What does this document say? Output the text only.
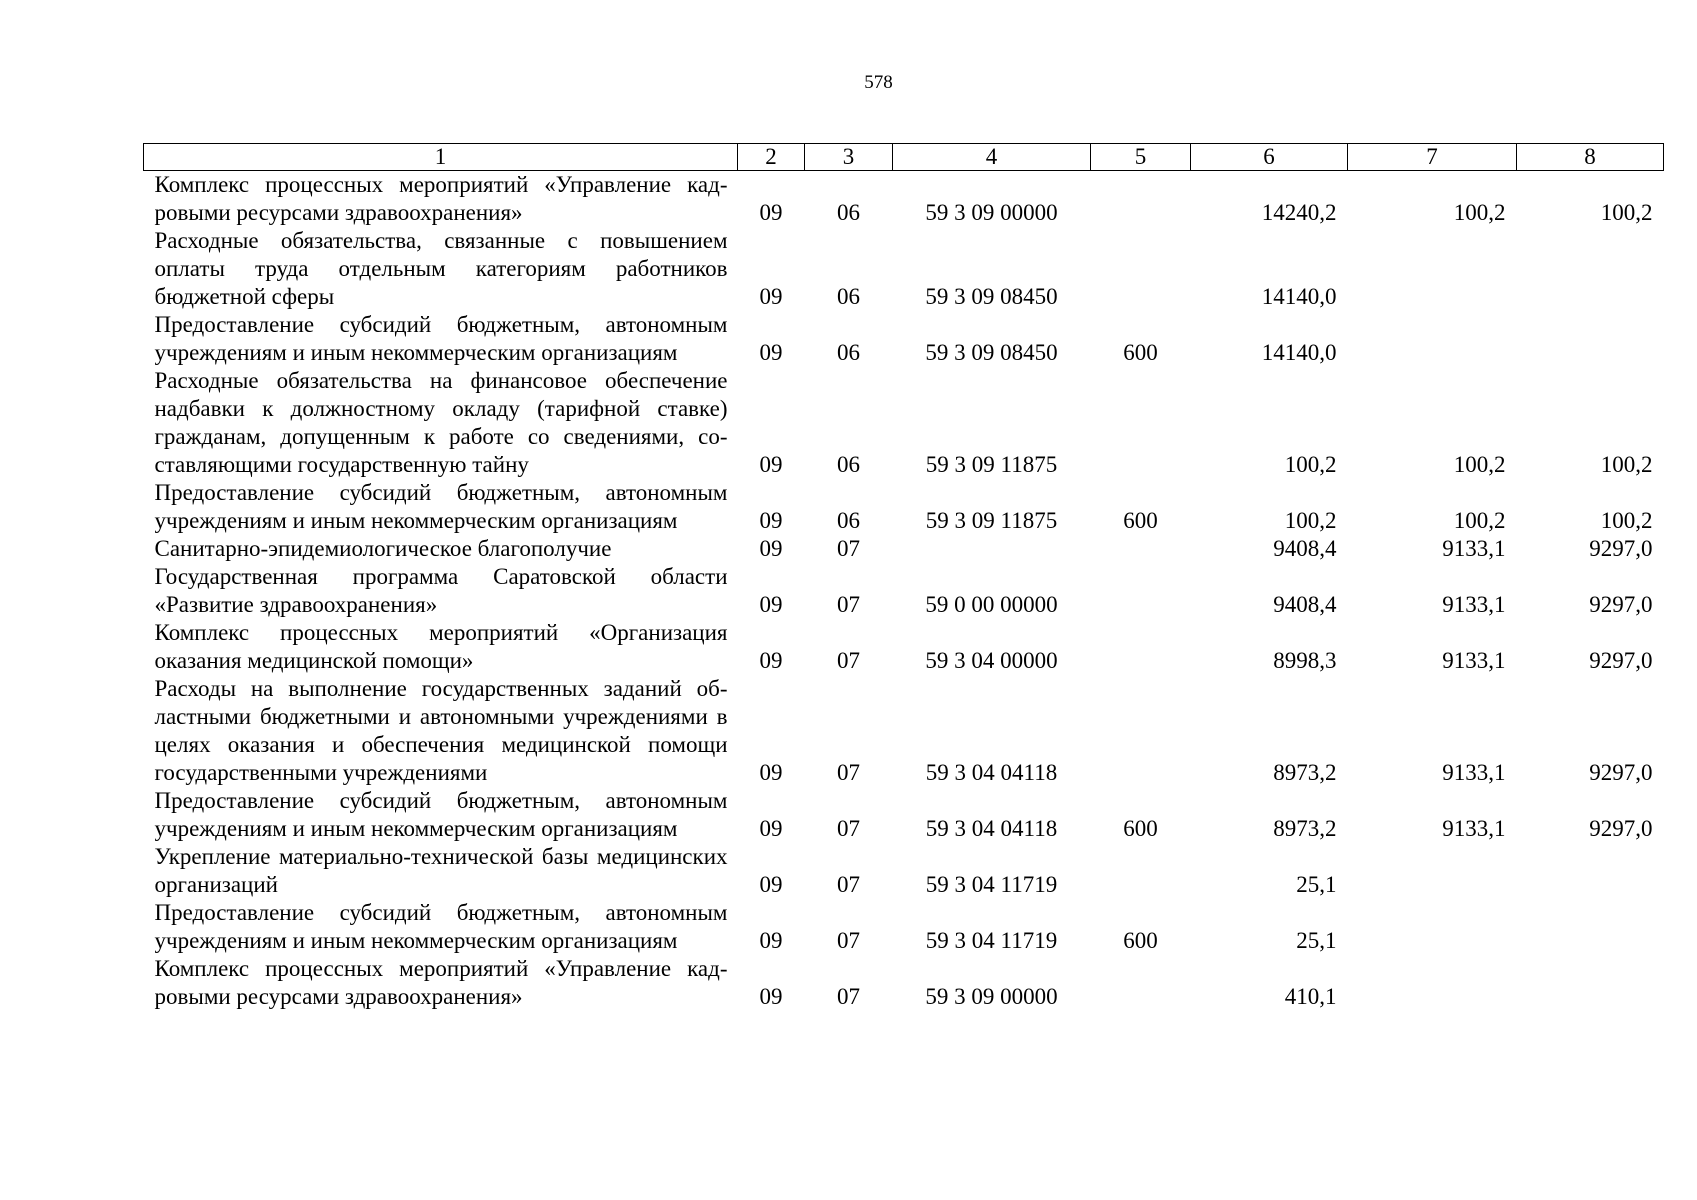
578
1	2	3	4	5	6	7	8
Комплекс процессных мероприятий «Управление кадровыми ресурсами здравоохранения»	09	06	59 3 09 00000		14240,2	100,2	100,2
Расходные обязательства, связанные с повышением оплаты труда отдельным категориям работников бюджетной сферы	09	06	59 3 09 08450		14140,0		
Предоставление субсидий бюджетным, автономным учреждениям и иным некоммерческим организациям	09	06	59 3 09 08450	600	14140,0		
Расходные обязательства на финансовое обеспечение надбавки к должностному окладу (тарифной ставке) гражданам, допущенным к работе со сведениями, составляющими государственную тайну	09	06	59 3 09 11875		100,2	100,2	100,2
Предоставление субсидий бюджетным, автономным учреждениям и иным некоммерческим организациям	09	06	59 3 09 11875	600	100,2	100,2	100,2
Санитарно-эпидемиологическое благополучие	09	07			9408,4	9133,1	9297,0
Государственная программа Саратовской области «Развитие здравоохранения»	09	07	59 0 00 00000		9408,4	9133,1	9297,0
Комплекс процессных мероприятий «Организация оказания медицинской помощи»	09	07	59 3 04 00000		8998,3	9133,1	9297,0
Расходы на выполнение государственных заданий областными бюджетными и автономными учреждениями в целях оказания и обеспечения медицинской помощи государственными учреждениями	09	07	59 3 04 04118		8973,2	9133,1	9297,0
Предоставление субсидий бюджетным, автономным учреждениям и иным некоммерческим организациям	09	07	59 3 04 04118	600	8973,2	9133,1	9297,0
Укрепление материально-технической базы медицинских организаций	09	07	59 3 04 11719		25,1		
Предоставление субсидий бюджетным, автономным учреждениям и иным некоммерческим организациям	09	07	59 3 04 11719	600	25,1		
Комплекс процессных мероприятий «Управление кадровыми ресурсами здравоохранения»	09	07	59 3 09 00000		410,1		
